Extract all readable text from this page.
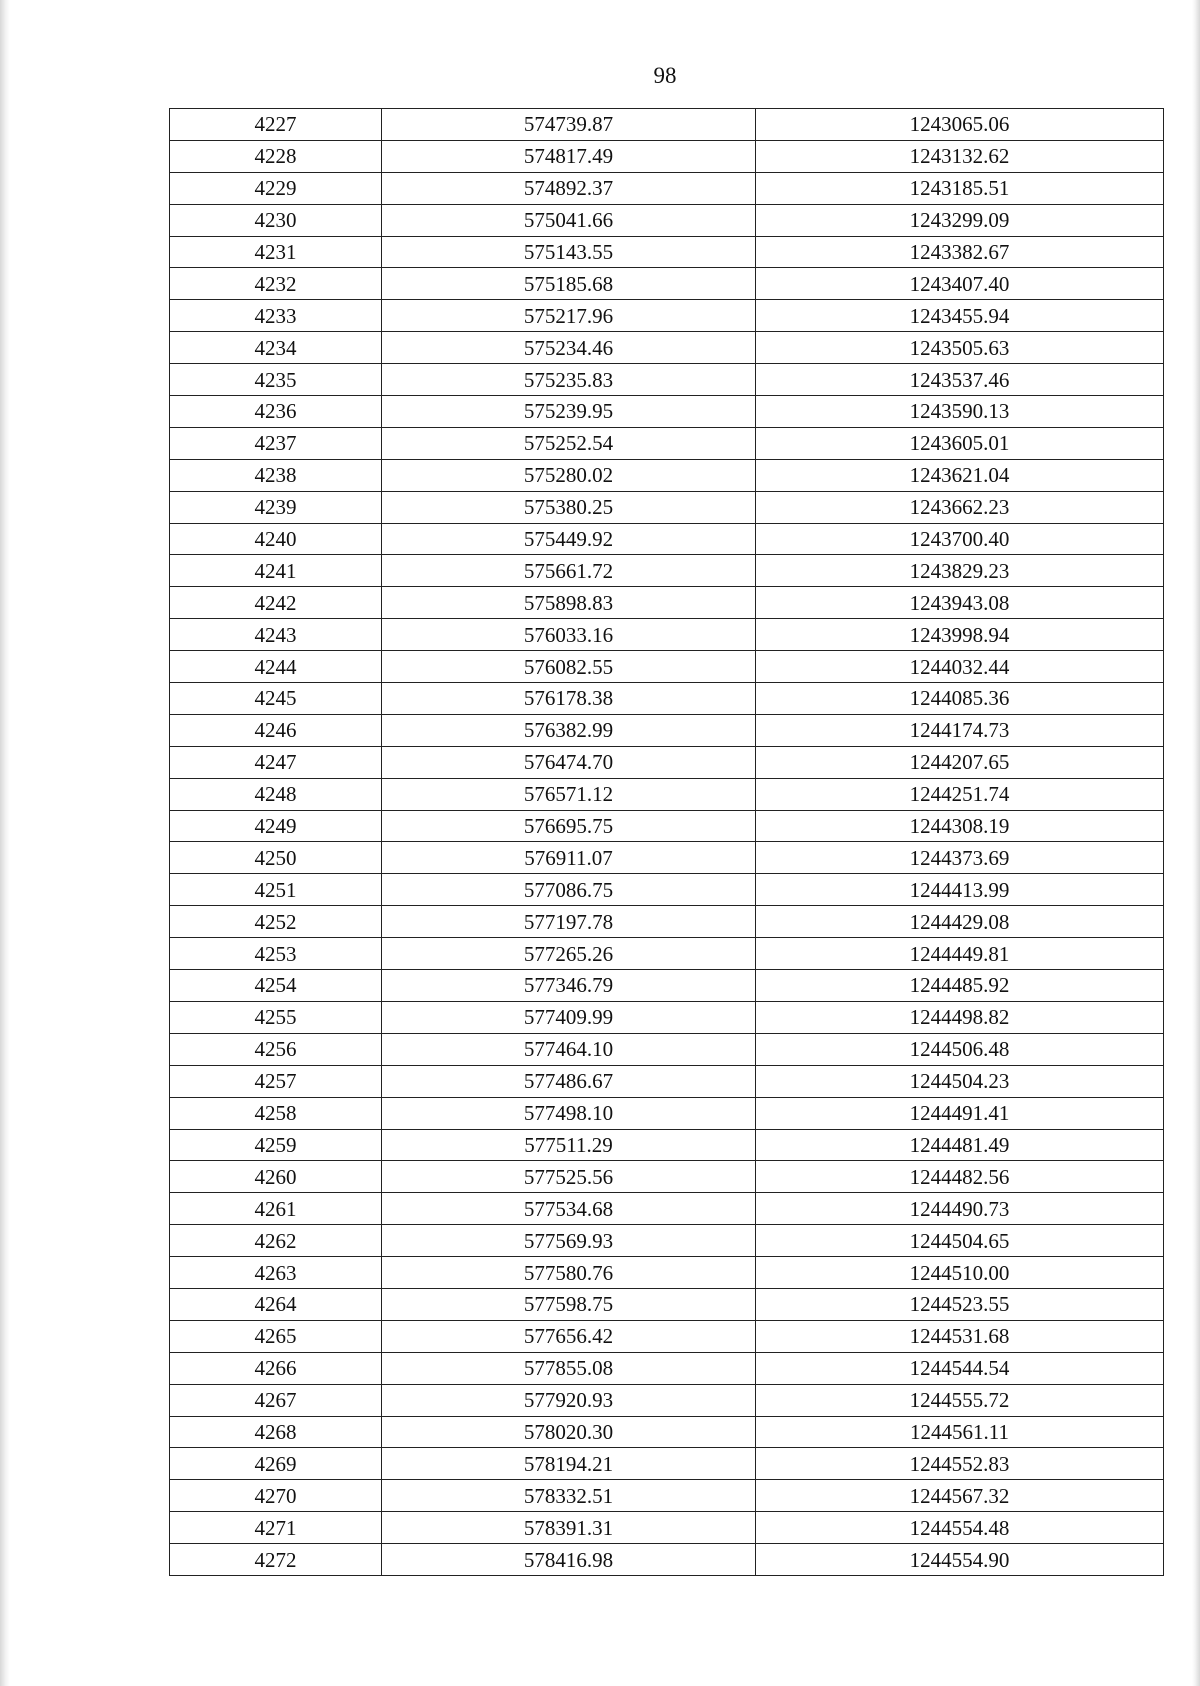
98
4227	574739.87	1243065.06
4228	574817.49	1243132.62
4229	574892.37	1243185.51
4230	575041.66	1243299.09
4231	575143.55	1243382.67
4232	575185.68	1243407.40
4233	575217.96	1243455.94
4234	575234.46	1243505.63
4235	575235.83	1243537.46
4236	575239.95	1243590.13
4237	575252.54	1243605.01
4238	575280.02	1243621.04
4239	575380.25	1243662.23
4240	575449.92	1243700.40
4241	575661.72	1243829.23
4242	575898.83	1243943.08
4243	576033.16	1243998.94
4244	576082.55	1244032.44
4245	576178.38	1244085.36
4246	576382.99	1244174.73
4247	576474.70	1244207.65
4248	576571.12	1244251.74
4249	576695.75	1244308.19
4250	576911.07	1244373.69
4251	577086.75	1244413.99
4252	577197.78	1244429.08
4253	577265.26	1244449.81
4254	577346.79	1244485.92
4255	577409.99	1244498.82
4256	577464.10	1244506.48
4257	577486.67	1244504.23
4258	577498.10	1244491.41
4259	577511.29	1244481.49
4260	577525.56	1244482.56
4261	577534.68	1244490.73
4262	577569.93	1244504.65
4263	577580.76	1244510.00
4264	577598.75	1244523.55
4265	577656.42	1244531.68
4266	577855.08	1244544.54
4267	577920.93	1244555.72
4268	578020.30	1244561.11
4269	578194.21	1244552.83
4270	578332.51	1244567.32
4271	578391.31	1244554.48
4272	578416.98	1244554.90
